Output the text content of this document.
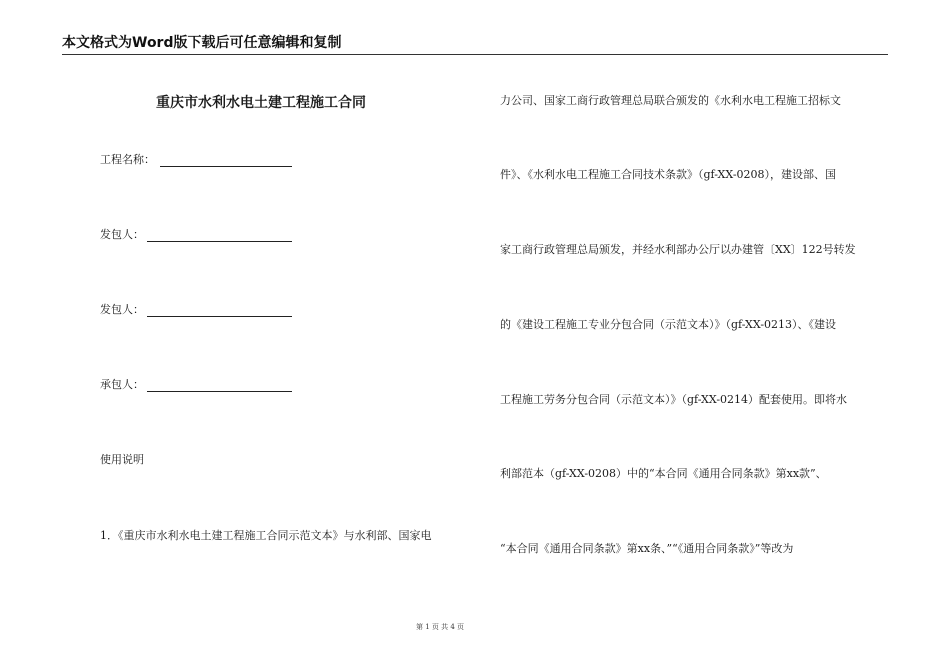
本文格式为Word版下载后可任意编辑和复制
重庆市水利水电土建工程施工合同
工程名称：
发包人：
发包人：
承包人：
使用说明
1．《重庆市水利水电土建工程施工合同示范文本》与水利部、国家电
力公司、国家工商行政管理总局联合颁发的《水利水电工程施工招标文
件》、《水利水电工程施工合同技术条款》（gf-XX-0208），建设部、国
家工商行政管理总局颁发，并经水利部办公厅以办建管〔XX〕122号转发
的《建设工程施工专业分包合同（示范文本）》（gf-XX-0213）、《建设
工程施工劳务分包合同（示范文本）》（gf-XX-0214）配套使用。即将水
利部范本（gf-XX-0208）中的“本合同《通用合同条款》第xx款”、
“本合同《通用合同条款》第xx条、”“《通用合同条款》”等改为
第 1 页 共 4 页
